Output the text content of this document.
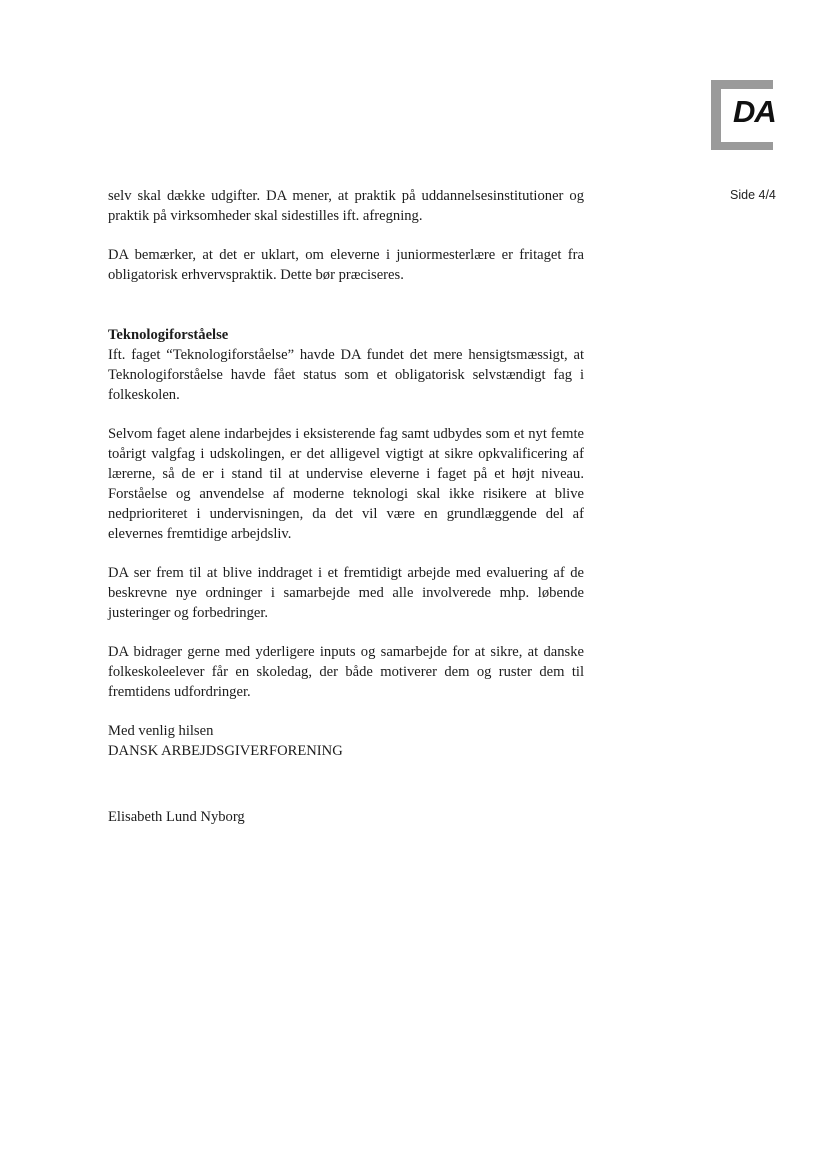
DA
Side 4/4

selv skal dække udgifter. DA mener, at praktik på uddannelsesinstitutioner og praktik på virksomheder skal sidestilles ift. afregning.

DA bemærker, at det er uklart, om eleverne i juniormesterlære er fritaget fra obligatorisk erhvervspraktik. Dette bør præciseres.

Teknologiforståelse

Ift. faget “Teknologiforståelse” havde DA fundet det mere hensigtsmæssigt, at Teknologiforståelse havde fået status som et obligatorisk selvstændigt fag i folkeskolen.

Selvom faget alene indarbejdes i eksisterende fag samt udbydes som et nyt femte toårigt valgfag i udskolingen, er det alligevel vigtigt at sikre opkvalificering af lærerne, så de er i stand til at undervise eleverne i faget på et højt niveau. Forståelse og anvendelse af moderne teknologi skal ikke risikere at blive nedprioriteret i undervisningen, da det vil være en grundlæggende del af elevernes fremtidige arbejdsliv.

DA ser frem til at blive inddraget i et fremtidigt arbejde med evaluering af de beskrevne nye ordninger i samarbejde med alle involverede mhp. løbende justeringer og forbedringer.

DA bidrager gerne med yderligere inputs og samarbejde for at sikre, at danske folkeskoleelever får en skoledag, der både motiverer dem og ruster dem til fremtidens udfordringer.

Med venlig hilsen

DANSK ARBEJDSGIVERFORENING

Elisabeth Lund Nyborg
